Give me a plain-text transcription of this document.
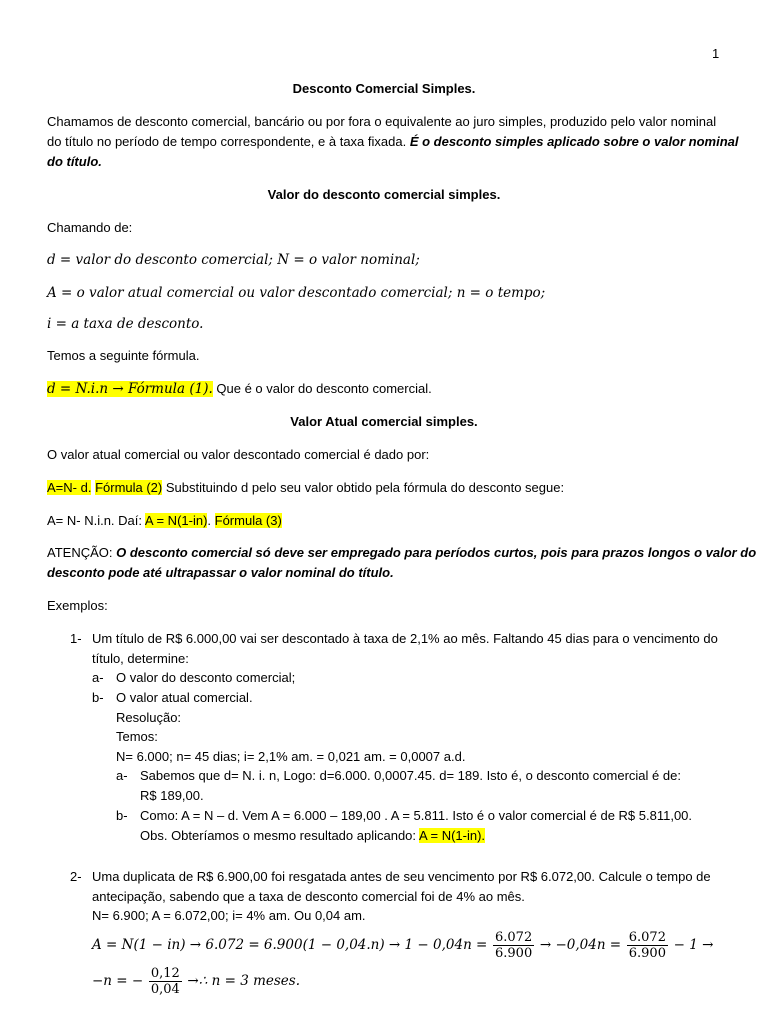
1
Desconto Comercial Simples.
Chamamos de desconto comercial, bancário ou por fora o equivalente ao juro simples, produzido pelo valor nominal
do título no período de tempo correspondente, e à taxa fixada. É o desconto simples aplicado sobre o valor nominal
do título.
Valor do desconto comercial simples.
Chamando de:
d = valor do desconto comercial; N = o valor nominal;
A = o valor atual comercial ou valor descontado comercial; n = o tempo;
i = a taxa de desconto.
Temos a seguinte fórmula.
d = N.i.n → Fórmula (1). Que é o valor do desconto comercial.
Valor Atual comercial simples.
O valor atual comercial ou valor descontado comercial é dado por:
A=N- d. Fórmula (2) Substituindo d pelo seu valor obtido pela fórmula do desconto segue:
A= N- N.i.n. Daí: A = N(1-in). Fórmula (3)
ATENÇÃO: O desconto comercial só deve ser empregado para períodos curtos, pois para prazos longos o valor do
desconto pode até ultrapassar o valor nominal do título.
Exemplos:
1- Um título de R$ 6.000,00 vai ser descontado à taxa de 2,1% ao mês. Faltando 45 dias para o vencimento do
título, determine:
a- O valor do desconto comercial;
b- O valor atual comercial.
Resolução:
Temos:
N= 6.000; n= 45 dias; i= 2,1% am. = 0,021 am. = 0,0007 a.d.
a- Sabemos que d= N. i. n, Logo: d=6.000. 0,0007.45. d= 189. Isto é, o desconto comercial é de:
R$ 189,00.
b- Como: A = N – d. Vem A = 6.000 – 189,00 . A = 5.811. Isto é o valor comercial é de R$ 5.811,00.
Obs. Obteríamos o mesmo resultado aplicando: A = N(1-in).
2- Uma duplicata de R$ 6.900,00 foi resgatada antes de seu vencimento por R$ 6.072,00. Calcule o tempo de
antecipação, sabendo que a taxa de desconto comercial foi de 4% ao mês.
N= 6.900; A = 6.072,00; i= 4% am. Ou 0,04 am.
$A = N(1 - in) \to 6.072 = 6.900(1 - 0,04.n) \to 1 - 0,04n = \frac{6.072}{6.900} \to -0,04n = \frac{6.072}{6.900} - 1$ →
−n = − $\frac{0,12}{0,04}$ →∴ n = 3 meses.
